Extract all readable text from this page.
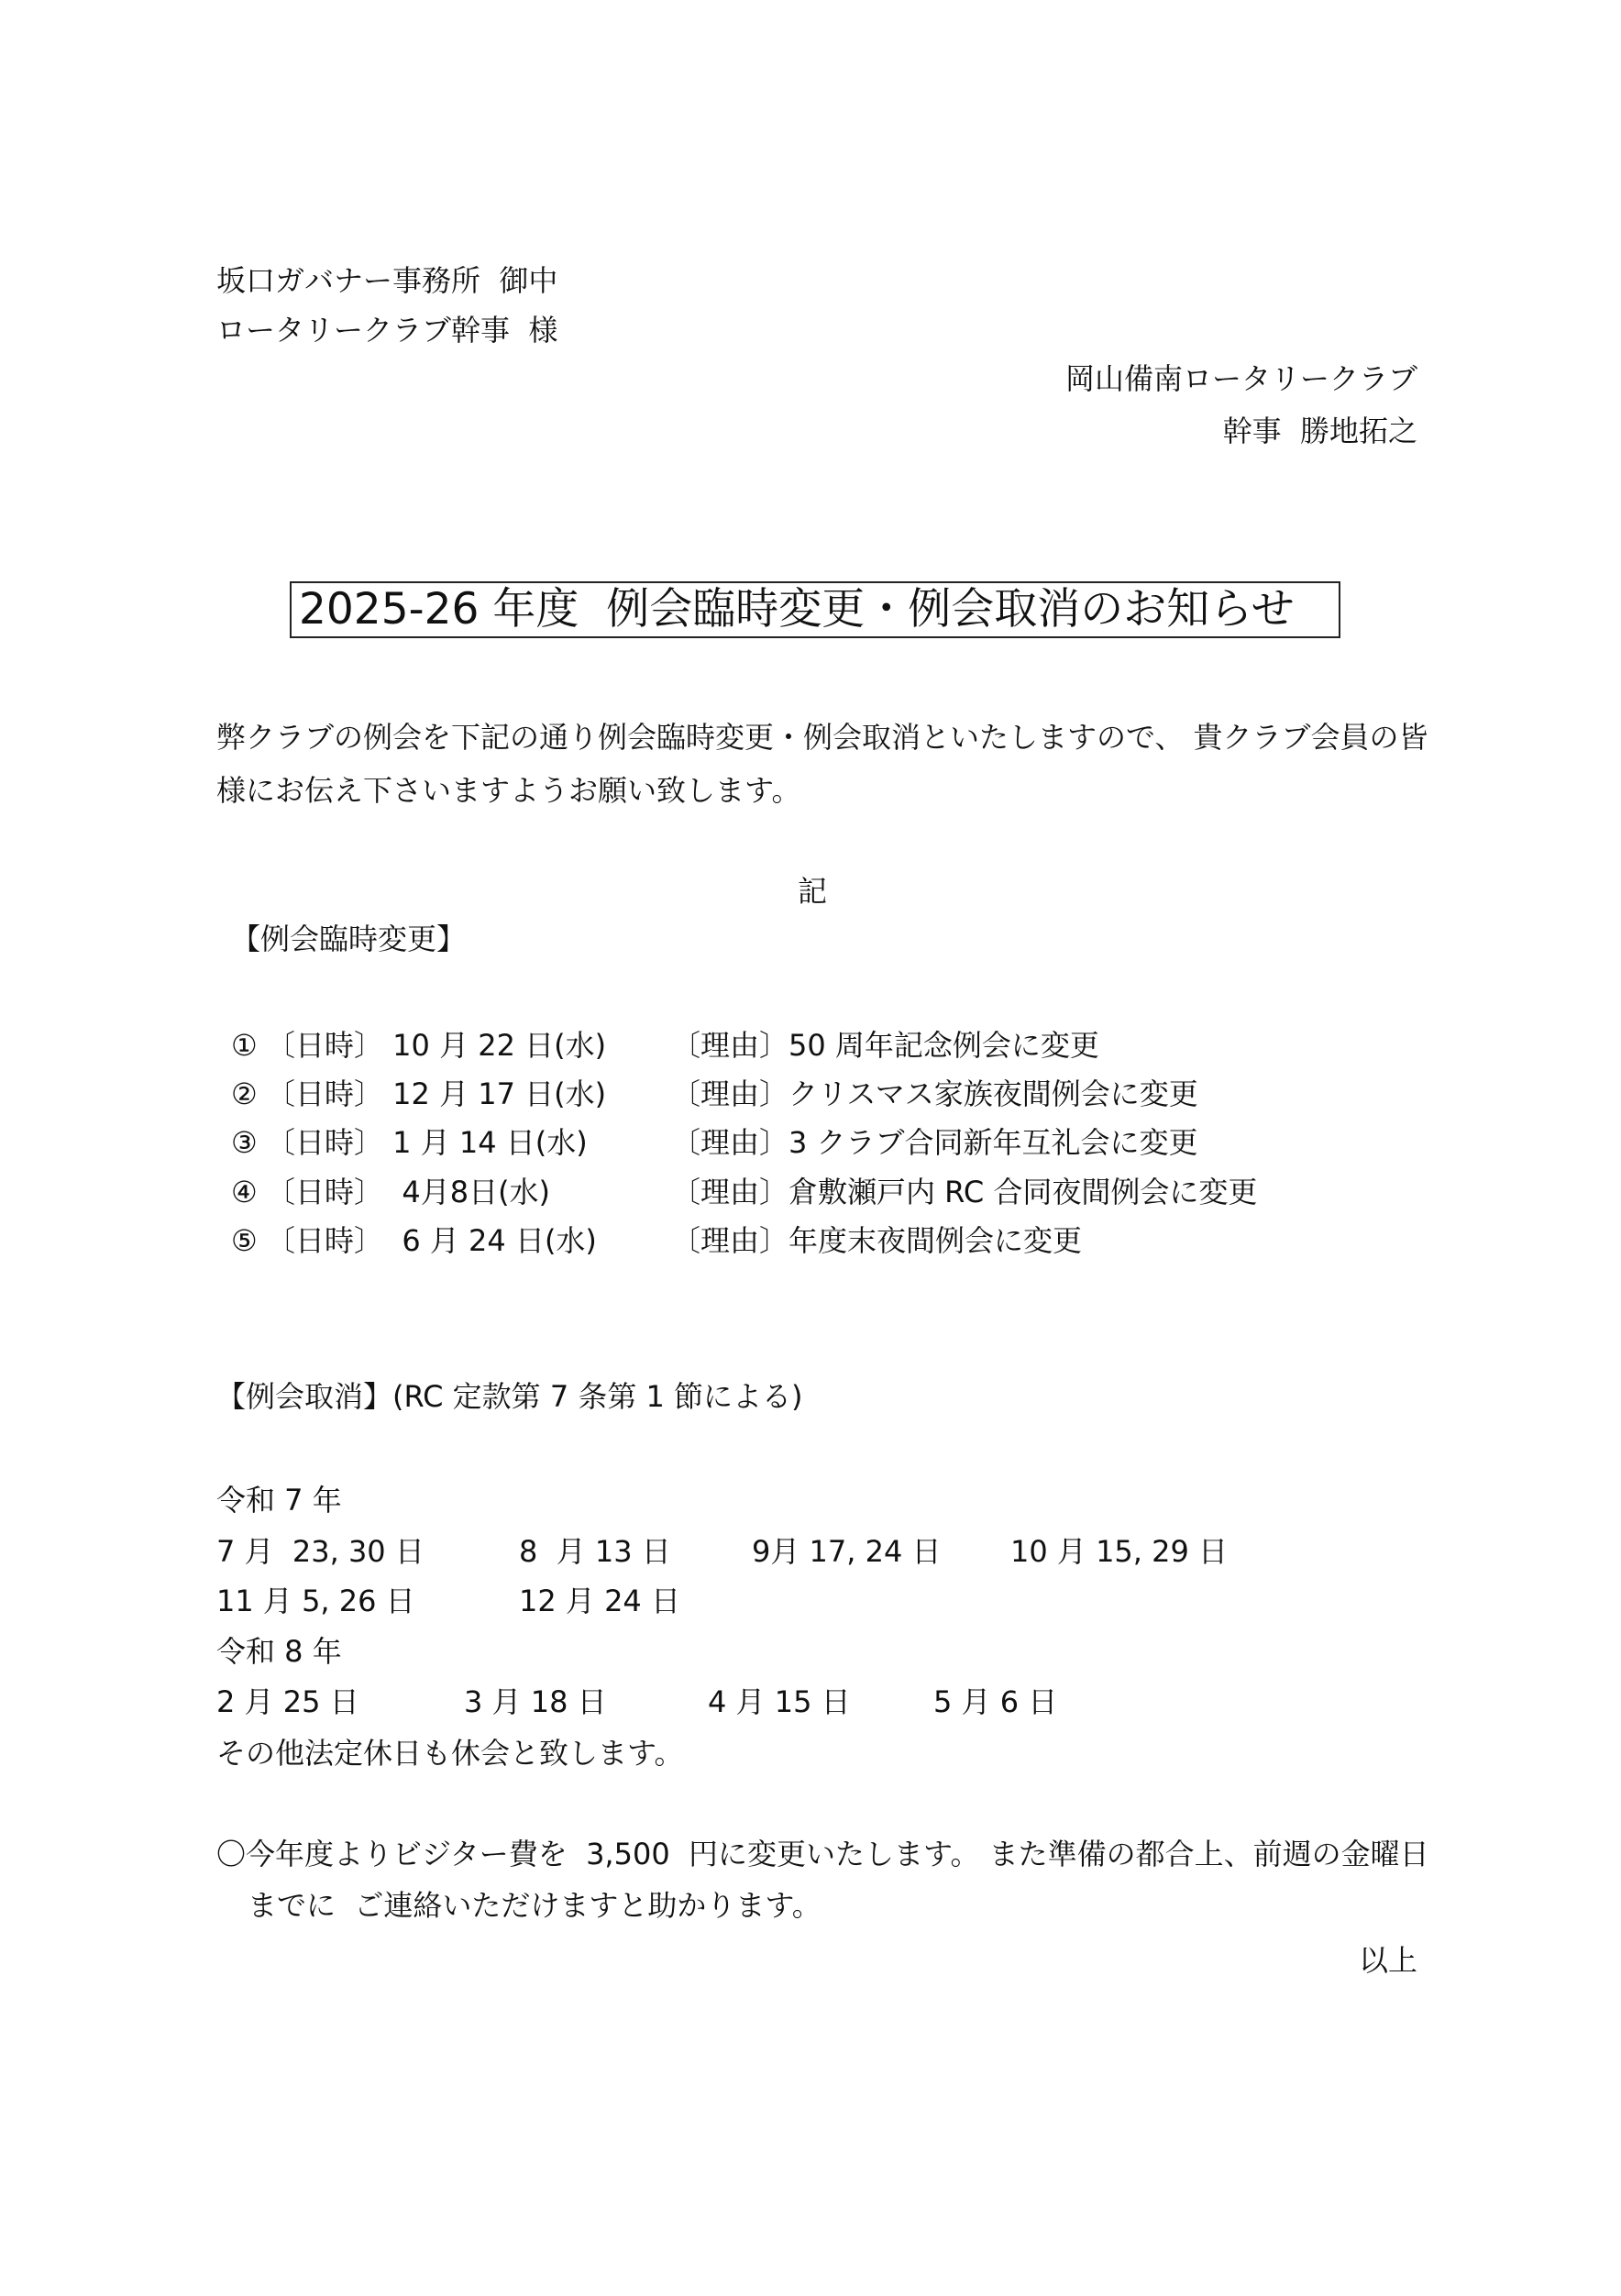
坂口ガバナー事務所  御中
ロータリークラブ幹事  様
岡山備南ロータリークラブ
幹事  勝地拓之
2025-26 年度  例会臨時変更・例会取消のお知らせ
弊クラブの例会を下記の通り例会臨時変更・例会取消といたしますので、 貴クラブ会員の皆
様にお伝え下さいますようお願い致します。
記
【例会臨時変更】
① 〔日時〕 10 月 22 日(水) 〔理由〕50 周年記念例会に変更
② 〔日時〕 12 月 17 日(水) 〔理由〕クリスマス家族夜間例会に変更
③ 〔日時〕 1 月 14 日(水)	〔理由〕3 クラブ合同新年互礼会に変更
④ 〔日時〕  4月8日(水)	〔理由〕倉敷瀬戸内 RC 合同夜間例会に変更
⑤ 〔日時〕  6 月 24 日(水)	〔理由〕年度末夜間例会に変更
【例会取消】(RC 定款第 7 条第 1 節による)
令和 7 年
7 月  23, 30 日	8  月 13 日	9月 17, 24 日 10 月 15, 29 日
11 月 5, 26 日	12 月 24 日
令和 8 年
2 月 25 日	3 月 18 日	4 月 15 日	5 月 6 日
その他法定休日も休会と致します。
〇今年度よりビジター費を  3,500  円に変更いたします。 また準備の都合上、前週の金曜日
までに  ご連絡いただけますと助かります。
以上
